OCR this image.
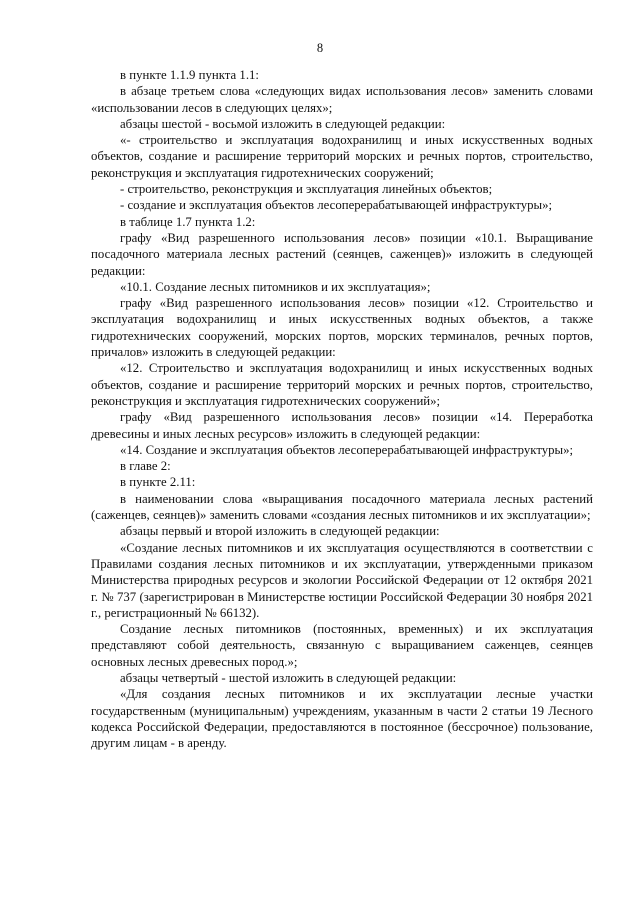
8

в пункте 1.1.9 пункта 1.1:

в абзаце третьем слова «следующих видах использования лесов» заменить словами «использовании лесов в следующих целях»;

абзацы шестой - восьмой изложить в следующей редакции:

«- строительство и эксплуатация водохранилищ и иных искусственных водных объектов, создание и расширение территорий морских и речных портов, строительство, реконструкция и эксплуатация гидротехнических сооружений;

- строительство, реконструкция и эксплуатация линейных объектов;

- создание и эксплуатация объектов лесоперерабатывающей инфраструктуры»;

в таблице 1.7 пункта 1.2:

графу «Вид разрешенного использования лесов» позиции «10.1. Выращивание посадочного материала лесных растений (сеянцев, саженцев)» изложить в следующей редакции:

«10.1. Создание лесных питомников и их эксплуатация»;

графу «Вид разрешенного использования лесов» позиции «12. Строительство и эксплуатация водохранилищ и иных искусственных водных объектов, а также гидротехнических сооружений, морских портов, морских терминалов, речных портов, причалов» изложить в следующей редакции:

«12. Строительство и эксплуатация водохранилищ и иных искусственных водных объектов, создание и расширение территорий морских и речных портов, строительство, реконструкция и эксплуатация гидротехнических сооружений»;

графу «Вид разрешенного использования лесов» позиции «14. Переработка древесины и иных лесных ресурсов» изложить в следующей редакции:

«14. Создание и эксплуатация объектов лесоперерабатывающей инфраструктуры»;

в главе 2:

в пункте 2.11:

в наименовании слова «выращивания посадочного материала лесных растений (саженцев, сеянцев)» заменить словами «создания лесных питомников и их эксплуатации»;

абзацы первый и второй изложить в следующей редакции:

«Создание лесных питомников и их эксплуатация осуществляются в соответствии с Правилами создания лесных питомников и их эксплуатации, утвержденными приказом Министерства природных ресурсов и экологии Российской Федерации от 12 октября 2021 г. № 737 (зарегистрирован в Министерстве юстиции Российской Федерации 30 ноября 2021 г., регистрационный № 66132).

Создание лесных питомников (постоянных, временных) и их эксплуатация представляют собой деятельность, связанную с выращиванием саженцев, сеянцев основных лесных древесных пород.»;

абзацы четвертый - шестой изложить в следующей редакции:

«Для создания лесных питомников и их эксплуатации лесные участки государственным (муниципальным) учреждениям, указанным в части 2 статьи 19 Лесного кодекса Российской Федерации, предоставляются в постоянное (бессрочное) пользование, другим лицам - в аренду.
